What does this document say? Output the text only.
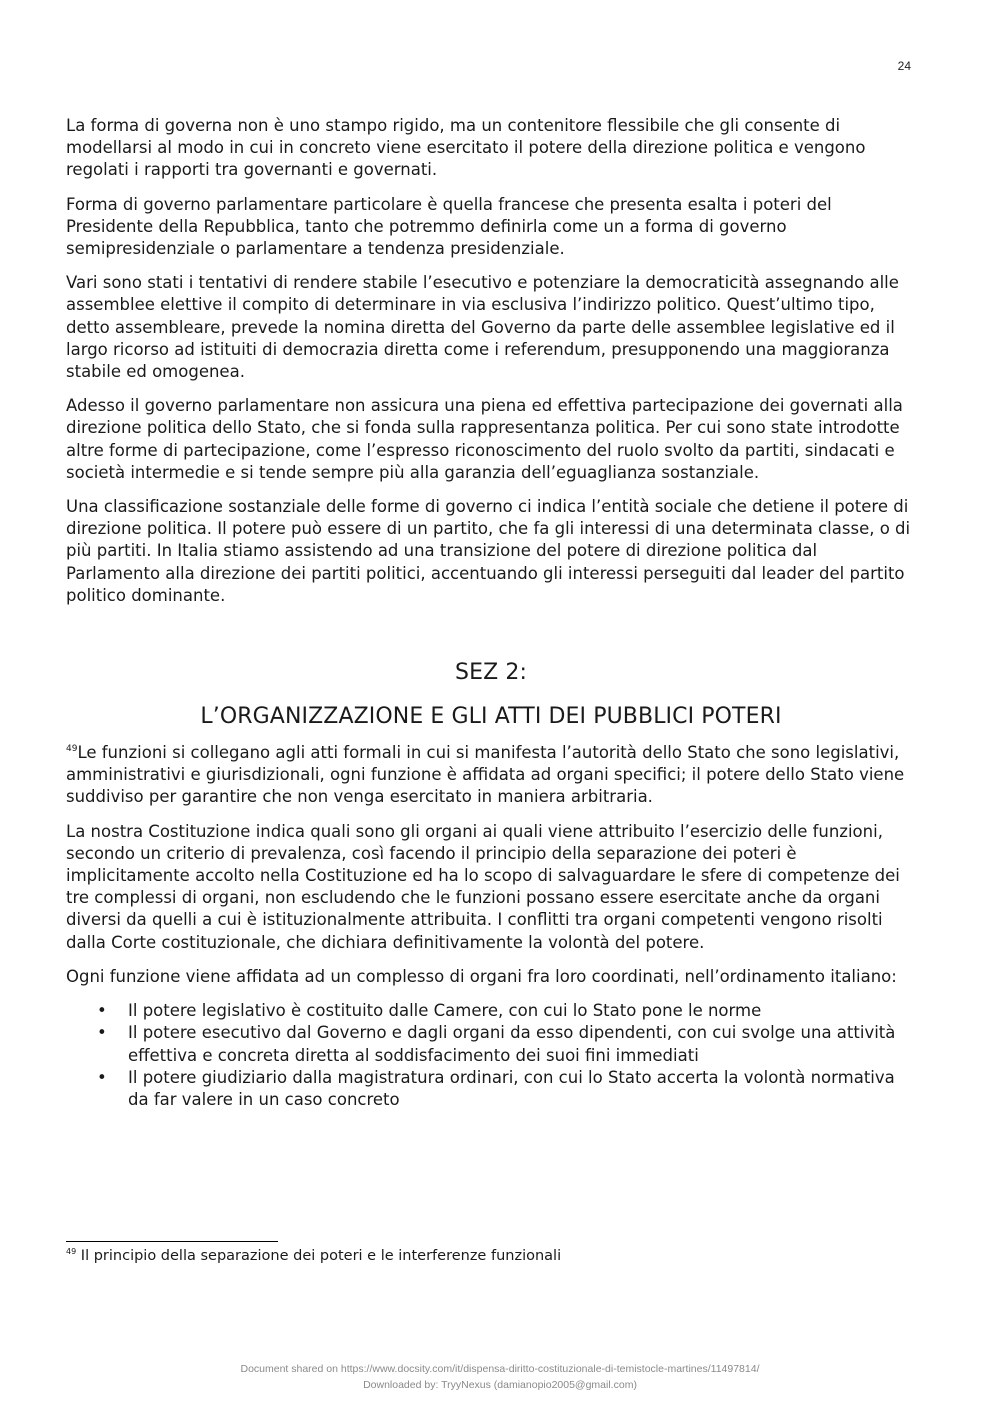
24

La forma di governa non è uno stampo rigido, ma un contenitore flessibile che gli consente di modellarsi al modo in cui in concreto viene esercitato il potere della direzione politica e vengono regolati i rapporti tra governanti e governati.

Forma di governo parlamentare particolare è quella francese che presenta esalta i poteri del Presidente della Repubblica, tanto che potremmo definirla come un a forma di governo semipresidenziale o parlamentare a tendenza presidenziale.

Vari sono stati i tentativi di rendere stabile l’esecutivo e potenziare la democraticità assegnando alle assemblee elettive il compito di determinare in via esclusiva l’indirizzo politico. Quest’ultimo tipo, detto assembleare, prevede la nomina diretta del Governo da parte delle assemblee legislative ed il largo ricorso ad istituiti di democrazia diretta come i referendum, presupponendo una maggioranza stabile ed omogenea.

Adesso il governo parlamentare non assicura una piena ed effettiva partecipazione dei governati alla direzione politica dello Stato, che si fonda sulla rappresentanza politica. Per cui sono state introdotte altre forme di partecipazione, come l’espresso riconoscimento del ruolo svolto da partiti, sindacati e società intermedie e si tende sempre più alla garanzia dell’eguaglianza sostanziale.

Una classificazione sostanziale delle forme di governo ci indica l’entità sociale che detiene il potere di direzione politica. Il potere può essere di un partito, che fa gli interessi di una determinata classe, o di più partiti. In Italia stiamo assistendo ad una transizione del potere di direzione politica dal Parlamento alla direzione dei partiti politici, accentuando gli interessi perseguiti dal leader del partito politico dominante.

SEZ 2:
L’ORGANIZZAZIONE E GLI ATTI DEI PUBBLICI POTERI

$^{49}$Le funzioni si collegano agli atti formali in cui si manifesta l’autorità dello Stato che sono legislativi, amministrativi e giurisdizionali, ogni funzione è affidata ad organi specifici; il potere dello Stato viene suddiviso per garantire che non venga esercitato in maniera arbitraria.

La nostra Costituzione indica quali sono gli organi ai quali viene attribuito l’esercizio delle funzioni, secondo un criterio di prevalenza, così facendo il principio della separazione dei poteri è implicitamente accolto nella Costituzione ed ha lo scopo di salvaguardare le sfere di competenze dei tre complessi di organi, non escludendo che le funzioni possano essere esercitate anche da organi diversi da quelli a cui è istituzionalmente attribuita. I conflitti tra organi competenti vengono risolti dalla Corte costituzionale, che dichiara definitivamente la volontà del potere.

Ogni funzione viene affidata ad un complesso di organi fra loro coordinati, nell’ordinamento italiano:

• Il potere legislativo è costituito dalle Camere, con cui lo Stato pone le norme
• Il potere esecutivo dal Governo e dagli organi da esso dipendenti, con cui svolge una attività effettiva e concreta diretta al soddisfacimento dei suoi fini immediati
• Il potere giudiziario dalla magistratura ordinari, con cui lo Stato accerta la volontà normativa da far valere in un caso concreto
$^{49}$ Il principio della separazione dei poteri e le interferenze funzionali
Document shared on https://www.docsity.com/it/dispensa-diritto-costituzionale-di-temistocle-martines/11497814/
Downloaded by: TryyNexus (damianopio2005@gmail.com)
